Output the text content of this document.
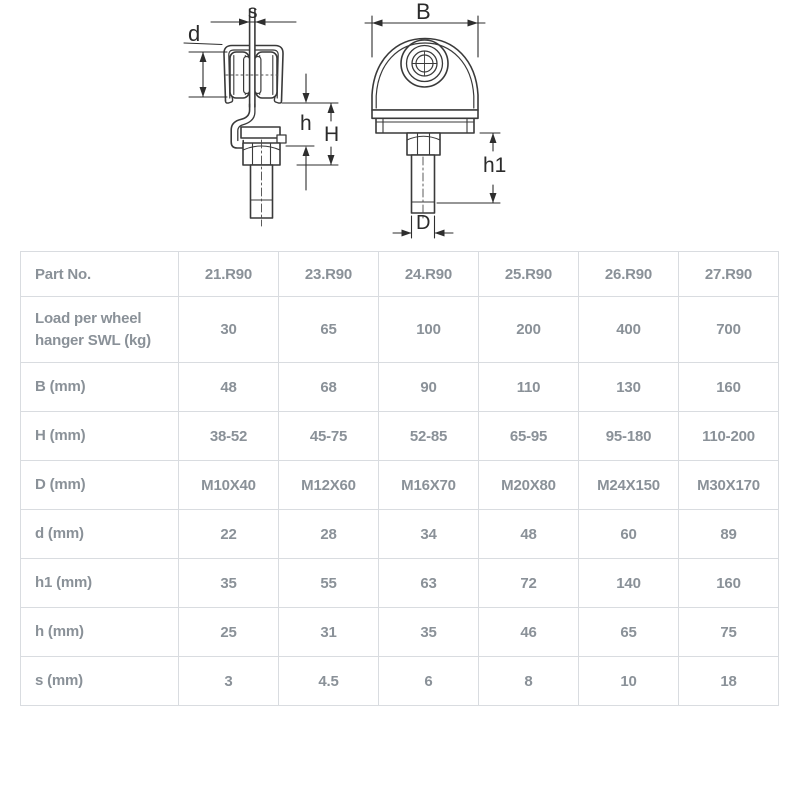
s
d
h H
B
h1
D
Part No.	21.R90	23.R90	24.R90	25.R90	26.R90	27.R90
Load per wheel hanger SWL (kg)	30	65	100	200	400	700
B (mm)	48	68	90	110	130	160
H (mm)	38-52	45-75	52-85	65-95	95-180	110-200
D (mm)	M10X40	M12X60	M16X70	M20X80	M24X150	M30X170
d (mm)	22	28	34	48	60	89
h1 (mm)	35	55	63	72	140	160
h (mm)	25	31	35	46	65	75
s (mm)	3	4.5	6	8	10	18
